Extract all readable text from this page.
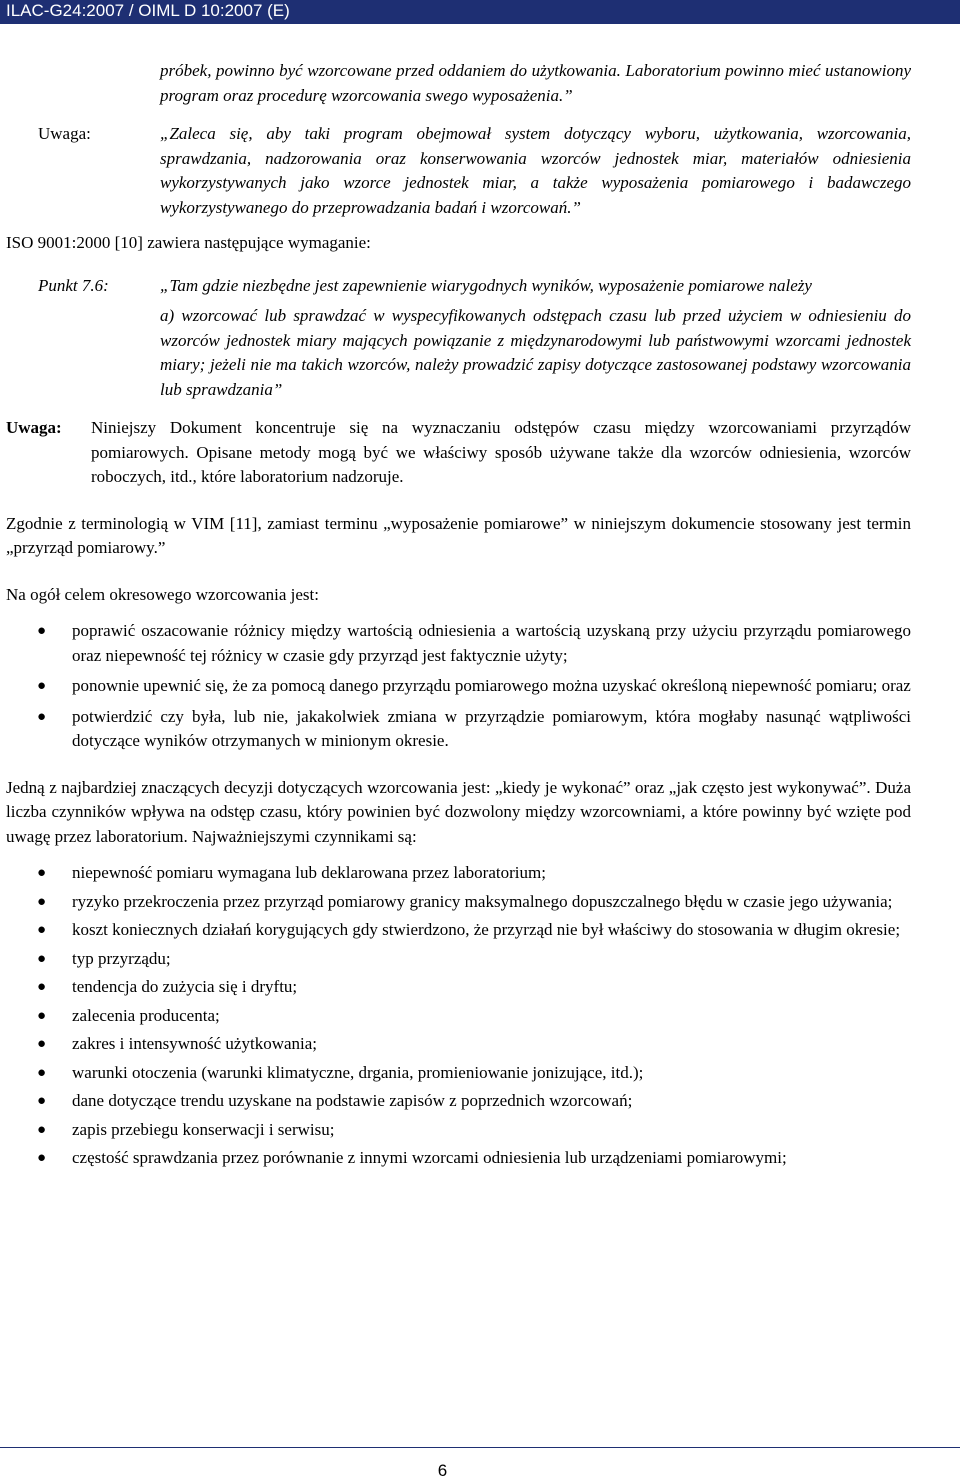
ILAC-G24:2007 / OIML D 10:2007 (E)

próbek, powinno być wzorcowane przed oddaniem do użytkowania. Laboratorium powinno mieć ustanowiony program oraz procedurę wzorcowania swego wyposażenia.”

Uwaga:	„Zaleca się, aby taki program obejmował system dotyczący wyboru, użytkowania, wzorcowania, sprawdzania, nadzorowania oraz konserwowania wzorców jednostek miar, materiałów odniesienia wykorzystywanych jako wzorce jednostek miar, a także wyposażenia pomiarowego i badawczego wykorzystywanego do przeprowadzania badań i wzorcowań.”

ISO 9001:2000 [10] zawiera następujące wymaganie:

Punkt 7.6:	„Tam gdzie niezbędne jest zapewnienie wiarygodnych wyników, wyposażenie pomiarowe należy

a) wzorcować lub sprawdzać w wyspecyfikowanych odstępach czasu lub przed użyciem w odniesieniu do wzorców jednostek miary mających powiązanie z międzynarodowymi lub państwowymi wzorcami jednostek miary; jeżeli nie ma takich wzorców, należy prowadzić zapisy dotyczące zastosowanej podstawy wzorcowania lub sprawdzania”

Uwaga:	Niniejszy Dokument koncentruje się na wyznaczaniu odstępów czasu między wzorcowaniami przyrządów pomiarowych. Opisane metody mogą być we właściwy sposób używane także dla wzorców odniesienia, wzorców roboczych, itd., które laboratorium nadzoruje.

Zgodnie z terminologią w VIM [11], zamiast terminu „wyposażenie pomiarowe” w niniejszym dokumencie stosowany jest termin „przyrząd pomiarowy.”

Na ogół celem okresowego wzorcowania jest:

●	poprawić oszacowanie różnicy między wartością odniesienia a wartością uzyskaną przy użyciu przyrządu pomiarowego oraz niepewność tej różnicy w czasie gdy przyrząd jest faktycznie użyty;
●	ponownie upewnić się, że za pomocą danego przyrządu pomiarowego można uzyskać określoną niepewność pomiaru; oraz
●	potwierdzić czy była, lub nie, jakakolwiek zmiana w przyrządzie pomiarowym, która mogłaby nasunąć wątpliwości dotyczące wyników otrzymanych w minionym okresie.

Jedną z najbardziej znaczących decyzji dotyczących wzorcowania jest: „kiedy je wykonać” oraz „jak często jest wykonywać”. Duża liczba czynników wpływa na odstęp czasu, który powinien być dozwolony między wzorcowniami, a które powinny być wzięte pod uwagę przez laboratorium. Najważniejszymi czynnikami są:

●	niepewność pomiaru wymagana lub deklarowana przez laboratorium;
●	ryzyko przekroczenia przez przyrząd pomiarowy granicy maksymalnego dopuszczalnego błędu w czasie jego używania;
●	koszt koniecznych działań korygujących gdy stwierdzono, że przyrząd nie był właściwy do stosowania w długim okresie;
●	typ przyrządu;
●	tendencja do zużycia się i dryftu;
●	zalecenia producenta;
●	zakres i intensywność użytkowania;
●	warunki otoczenia (warunki klimatyczne, drgania, promieniowanie jonizujące, itd.);
●	dane dotyczące trendu uzyskane na podstawie zapisów z poprzednich wzorcowań;
●	zapis przebiegu konserwacji i serwisu;
●	częstość sprawdzania przez porównanie z innymi wzorcami odniesienia lub urządzeniami pomiarowymi;
6
